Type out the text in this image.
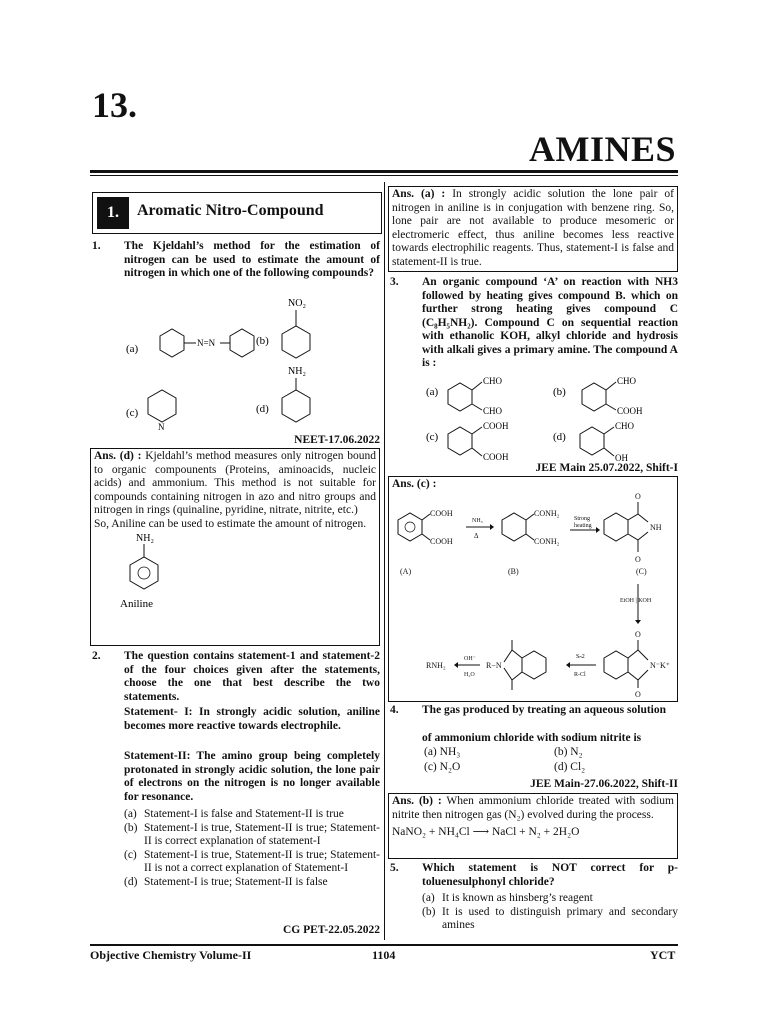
13.
AMINES
1.	Aromatic Nitro-Compound
1. The Kjeldahl’s method for the estimation of nitrogen can be used to estimate the amount of nitrogen in which one of the following compounds?
(a)	N=N	(b)
NO₂
NH₂
(d)
(c)
N
NEET-17.06.2022
Ans. (d) : Kjeldahl’s method measures only nitrogen bound to organic compounents (Proteins, aminoacids, nucleic acids) and ammonium. This method is not suitable for compounds containing nitrogen in azo and nitro groups and nitrogen in rings (quinaline, pyridine, nitrate, nitrite, etc.)
So, Aniline can be used to estimate the amount of nitrogen.
NH₂
Aniline
2. The question contains statement-1 and statement-2 of the four choices given after the statements, choose the one that best describe the two statements.
Statement- I: In strongly acidic solution, aniline becomes more reactive towards electrophile.
Statement-II: The amino group being completely protonated in strongly acidic solution, the lone pair of electrons on the nitrogen is no longer available for resonance.
(a) Statement-I is false and Statement-II is true
(b) Statement-I is true, Statement-II is true; Statement-II is correct explanation of statement-I
(c) Statement-I is true, Statement-II is true; Statement-II is not a correct explanation of Statement-I
(d) Statement-I is true; Statement-II is false
CG PET-22.05.2022
Ans. (a) : In strongly acidic solution the lone pair of nitrogen in aniline is in conjugation with benzene ring. So, lone pair are not available to produce mesomeric or electromeric effect, thus aniline becomes less reactive towards electrophilic reagents. Thus, statement-I is false and statement-II is true.
3. An organic compound ‘A’ on reaction with NH3 followed by heating gives compound B. which on further strong heating gives compound C (C₈H₅NH₂). Compound C on sequential reaction with ethanolic KOH, alkyl chloride and hydrosis with alkali gives a primary amine. The compound A is :
(a)
CHO
CHO
(b)
CHO
COOH
(c)
COOH
COOH
(d)
CHO
OH
JEE Main 25.07.2022, Shift-I
Ans. (c) :
COOH
COOH
(A)
NH₃
Δ
CONH₂
CONH₂
(B)
Strong
heating	NH
O
O
(C)
EtOH | KOH
N⁻K⁺
O
O
Sₙ2
R-Cl
R−N
OH⁻
H₂O
RNH₂
4. The gas produced by treating an aqueous solution
of ammonium chloride with sodium nitrite is
(a) NH₃	(b) N₂
(c) N₂O	(d) Cl₂
JEE Main-27.06.2022, Shift-II
Ans. (b) : When ammonium chloride treated with sodium nitrite then nitrogen gas (N₂) evolved during the process.
NaNO₂ + NH₄Cl ⟶ NaCl + N₂ + 2H₂O
5. Which statement is NOT correct for p-toluenesulphonyl chloride?
(a) It is known as hinsberg’s reagent
(b) It is used to distinguish primary and secondary amines
Objective Chemistry Volume-II	1104	YCT
